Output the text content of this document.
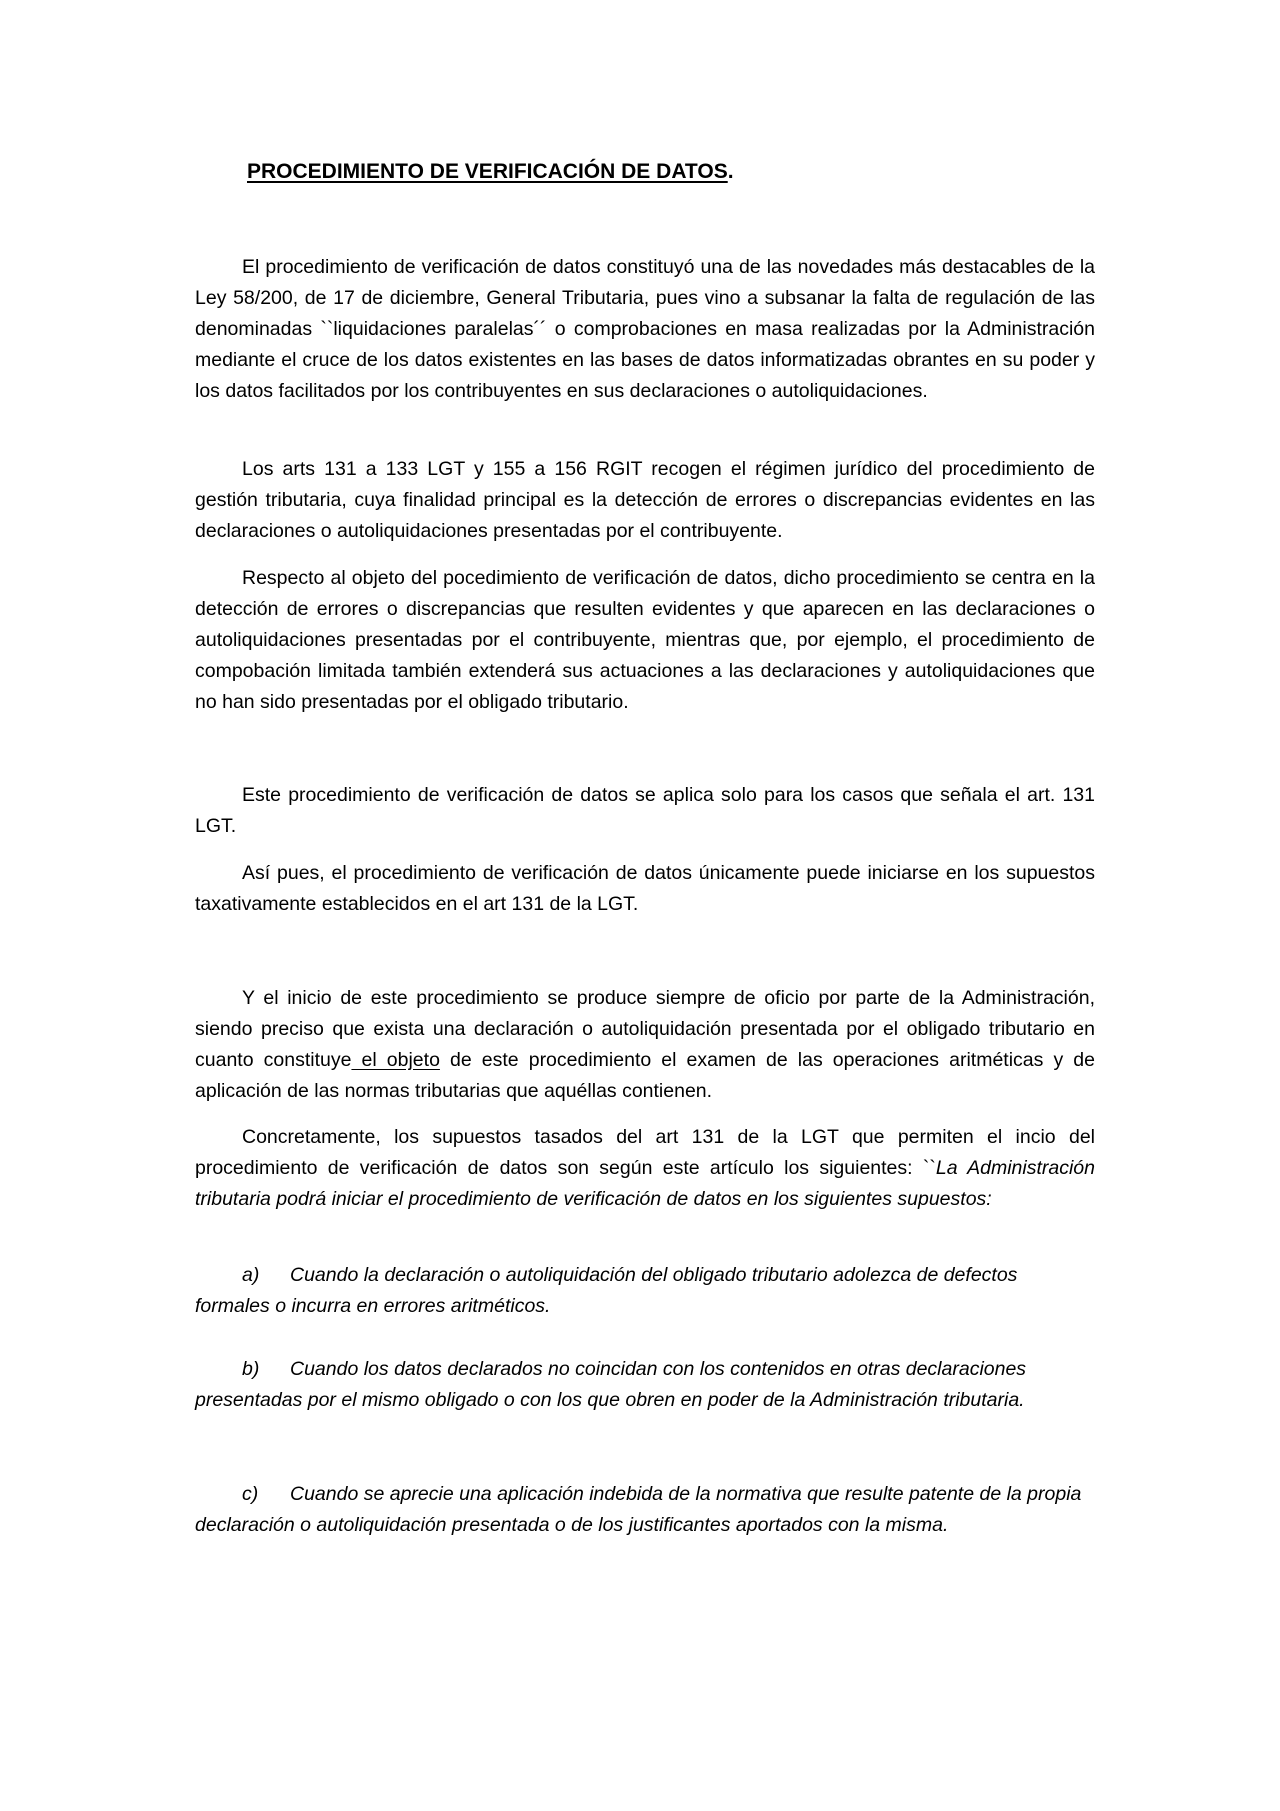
PROCEDIMIENTO DE VERIFICACIÓN DE DATOS.

El procedimiento de verificación de datos constituyó una de las novedades más destacables de la Ley 58/200, de 17 de diciembre, General Tributaria, pues vino a subsanar la falta de regulación de las denominadas ``liquidaciones paralelas´´ o comprobaciones en masa realizadas por la Administración mediante el cruce de los datos existentes en las bases de datos informatizadas obrantes en su poder y los datos facilitados por los contribuyentes en sus declaraciones o autoliquidaciones.

Los arts 131 a 133 LGT y 155 a 156 RGIT recogen el régimen jurídico del procedimiento de gestión tributaria, cuya finalidad principal es la detección de errores o discrepancias evidentes en las declaraciones o autoliquidaciones presentadas por el contribuyente.

Respecto al objeto del pocedimiento de verificación de datos, dicho procedimiento se centra en la detección de errores o discrepancias que resulten evidentes y que aparecen en las declaraciones o autoliquidaciones presentadas por el contribuyente, mientras que, por ejemplo, el procedimiento de compobación limitada también extenderá sus actuaciones a las declaraciones y autoliquidaciones que no han sido presentadas por el obligado tributario.

Este procedimiento de verificación de datos se aplica solo para los casos que señala el art. 131 LGT.

Así pues, el procedimiento de verificación de datos únicamente puede iniciarse en los supuestos taxativamente establecidos en el art 131 de la LGT.

Y el inicio de este procedimiento se produce siempre de oficio por parte de la Administración, siendo preciso que exista una declaración o autoliquidación presentada por el obligado tributario en cuanto constituye el objeto de este procedimiento el examen de las operaciones aritméticas y de aplicación de las normas tributarias que aquéllas contienen.

Concretamente, los supuestos tasados del art 131 de la LGT que permiten el incio del procedimiento de verificación de datos son según este artículo los siguientes: ``La Administración tributaria podrá iniciar el procedimiento de verificación de datos en los siguientes supuestos:

a) Cuando la declaración o autoliquidación del obligado tributario adolezca de defectos formales o incurra en errores aritméticos.

b) Cuando los datos declarados no coincidan con los contenidos en otras declaraciones presentadas por el mismo obligado o con los que obren en poder de la Administración tributaria.

c) Cuando se aprecie una aplicación indebida de la normativa que resulte patente de la propia declaración o autoliquidación presentada o de los justificantes aportados con la misma.
